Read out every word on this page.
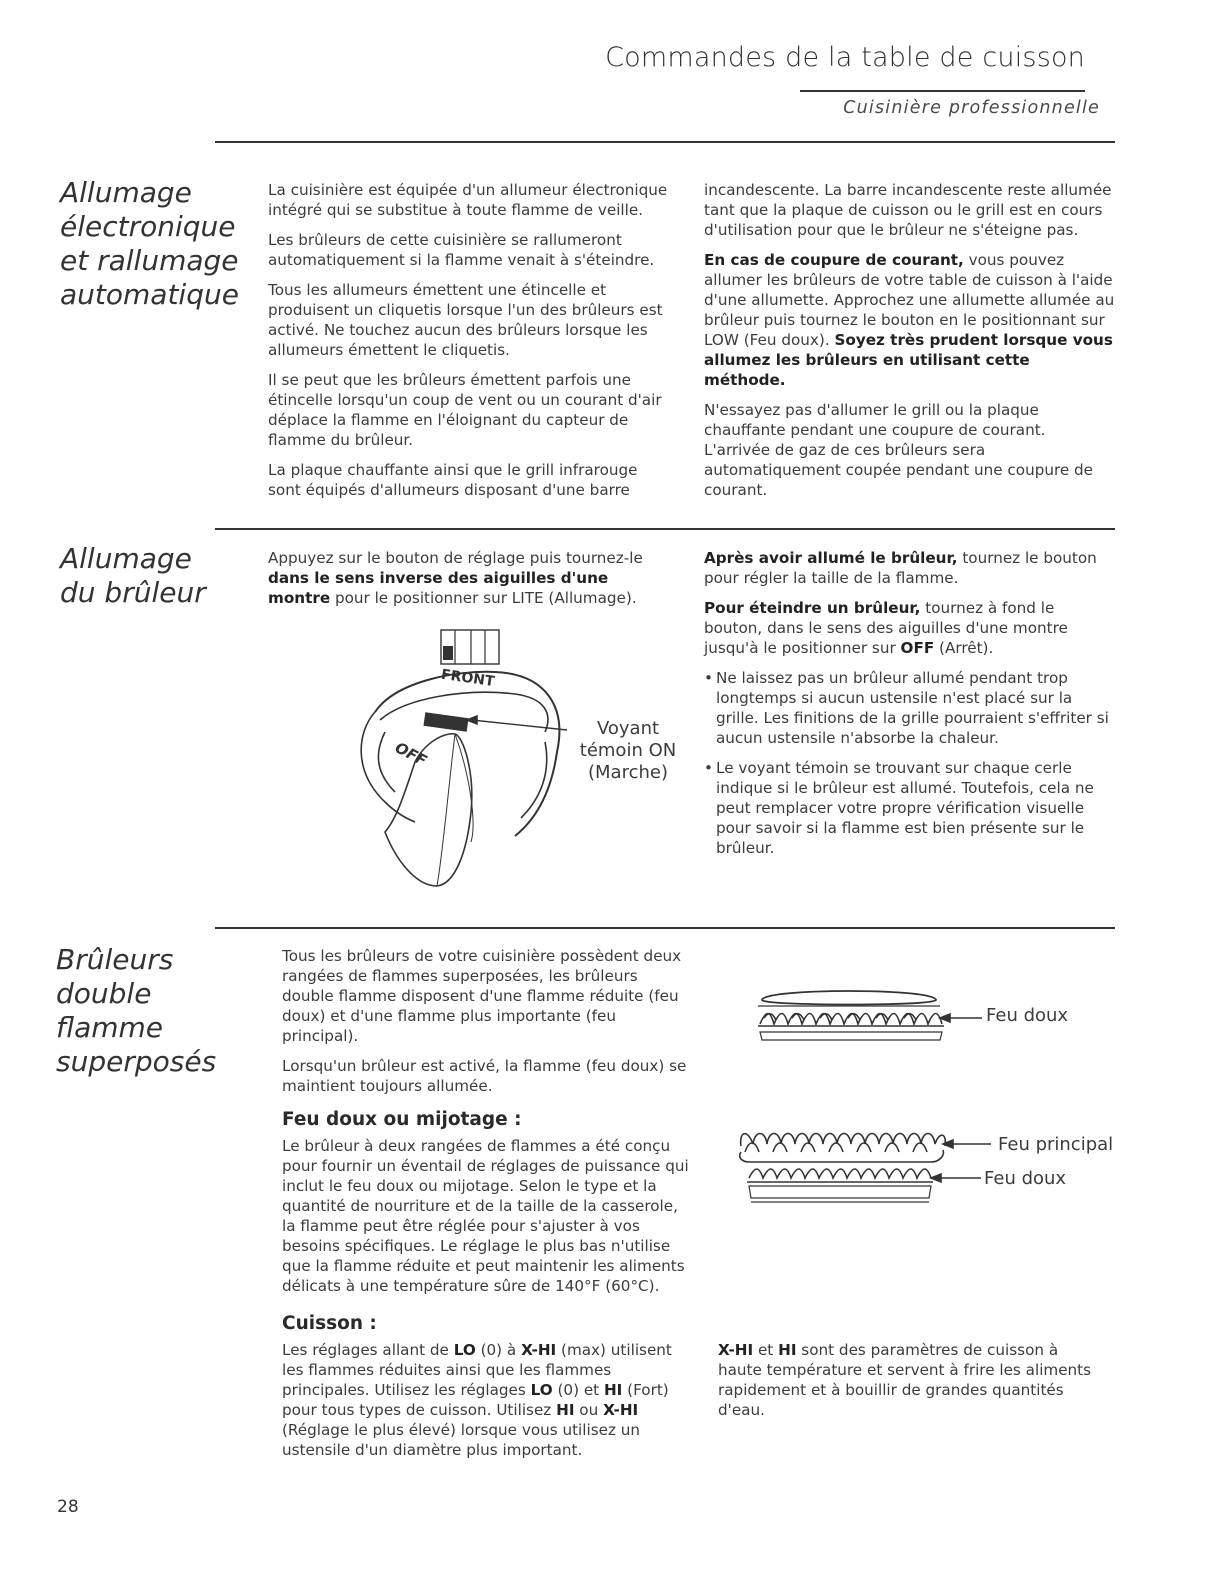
Commandes de la table de cuisson
Cuisinière professionnelle
Allumage
électronique
et rallumage
automatique

La cuisinière est équipée d'un allumeur électronique intégré qui se substitue à toute flamme de veille.

Les brûleurs de cette cuisinière se rallumeront automatiquement si la flamme venait à s'éteindre.

Tous les allumeurs émettent une étincelle et produisent un cliquetis lorsque l'un des brûleurs est activé. Ne touchez aucun des brûleurs lorsque les allumeurs émettent le cliquetis.

Il se peut que les brûleurs émettent parfois une étincelle lorsqu'un coup de vent ou un courant d'air déplace la flamme en l'éloignant du capteur de flamme du brûleur.

La plaque chauffante ainsi que le grill infrarouge sont équipés d'allumeurs disposant d'une barre

incandescente. La barre incandescente reste allumée tant que la plaque de cuisson ou le grill est en cours d'utilisation pour que le brûleur ne s'éteigne pas.

En cas de coupure de courant, vous pouvez allumer les brûleurs de votre table de cuisson à l'aide d'une allumette. Approchez une allumette allumée au brûleur puis tournez le bouton en le positionnant sur LOW (Feu doux). Soyez très prudent lorsque vous allumez les brûleurs en utilisant cette méthode.

N'essayez pas d'allumer le grill ou la plaque chauffante pendant une coupure de courant. L'arrivée de gaz de ces brûleurs sera automatiquement coupée pendant une coupure de courant.

Allumage
du brûleur

Appuyez sur le bouton de réglage puis tournez-le dans le sens inverse des aiguilles d'une montre pour le positionner sur LITE (Allumage).

FRONT
OFF
Voyant
témoin ON
(Marche)

Après avoir allumé le brûleur, tournez le bouton pour régler la taille de la flamme.

Pour éteindre un brûleur, tournez à fond le bouton, dans le sens des aiguilles d'une montre jusqu'à le positionner sur OFF (Arrêt).

• Ne laissez pas un brûleur allumé pendant trop longtemps si aucun ustensile n'est placé sur la grille. Les finitions de la grille pourraient s'effriter si aucun ustensile n'absorbe la chaleur.
• Le voyant témoin se trouvant sur chaque cerle indique si le brûleur est allumé. Toutefois, cela ne peut remplacer votre propre vérification visuelle pour savoir si la flamme est bien présente sur le brûleur.
Brûleurs
double flamme
superposés

Tous les brûleurs de votre cuisinière possèdent deux rangées de flammes superposées, les brûleurs double flamme disposent d'une flamme réduite (feu doux) et d'une flamme plus importante (feu principal).

Lorsqu'un brûleur est activé, la flamme (feu doux) se maintient toujours allumée.

Feu doux ou mijotage :

Le brûleur à deux rangées de flammes a été conçu pour fournir un éventail de réglages de puissance qui inclut le feu doux ou mijotage. Selon le type et la quantité de nourriture et de la taille de la casserole, la flamme peut être réglée pour s'ajuster à vos besoins spécifiques. Le réglage le plus bas n'utilise que la flamme réduite et peut maintenir les aliments délicats à une température sûre de 140°F (60°C).

Cuisson :

Les réglages allant de LO (0) à X-HI (max) utilisent les flammes réduites ainsi que les flammes principales. Utilisez les réglages LO (0) et HI (Fort) pour tous types de cuisson. Utilisez HI ou X-HI (Réglage le plus élevé) lorsque vous utilisez un ustensile d'un diamètre plus important.

Feu doux
Feu principal
Feu doux

X-HI et HI sont des paramètres de cuisson à haute température et servent à frire les aliments rapidement et à bouillir de grandes quantités d'eau.

28
